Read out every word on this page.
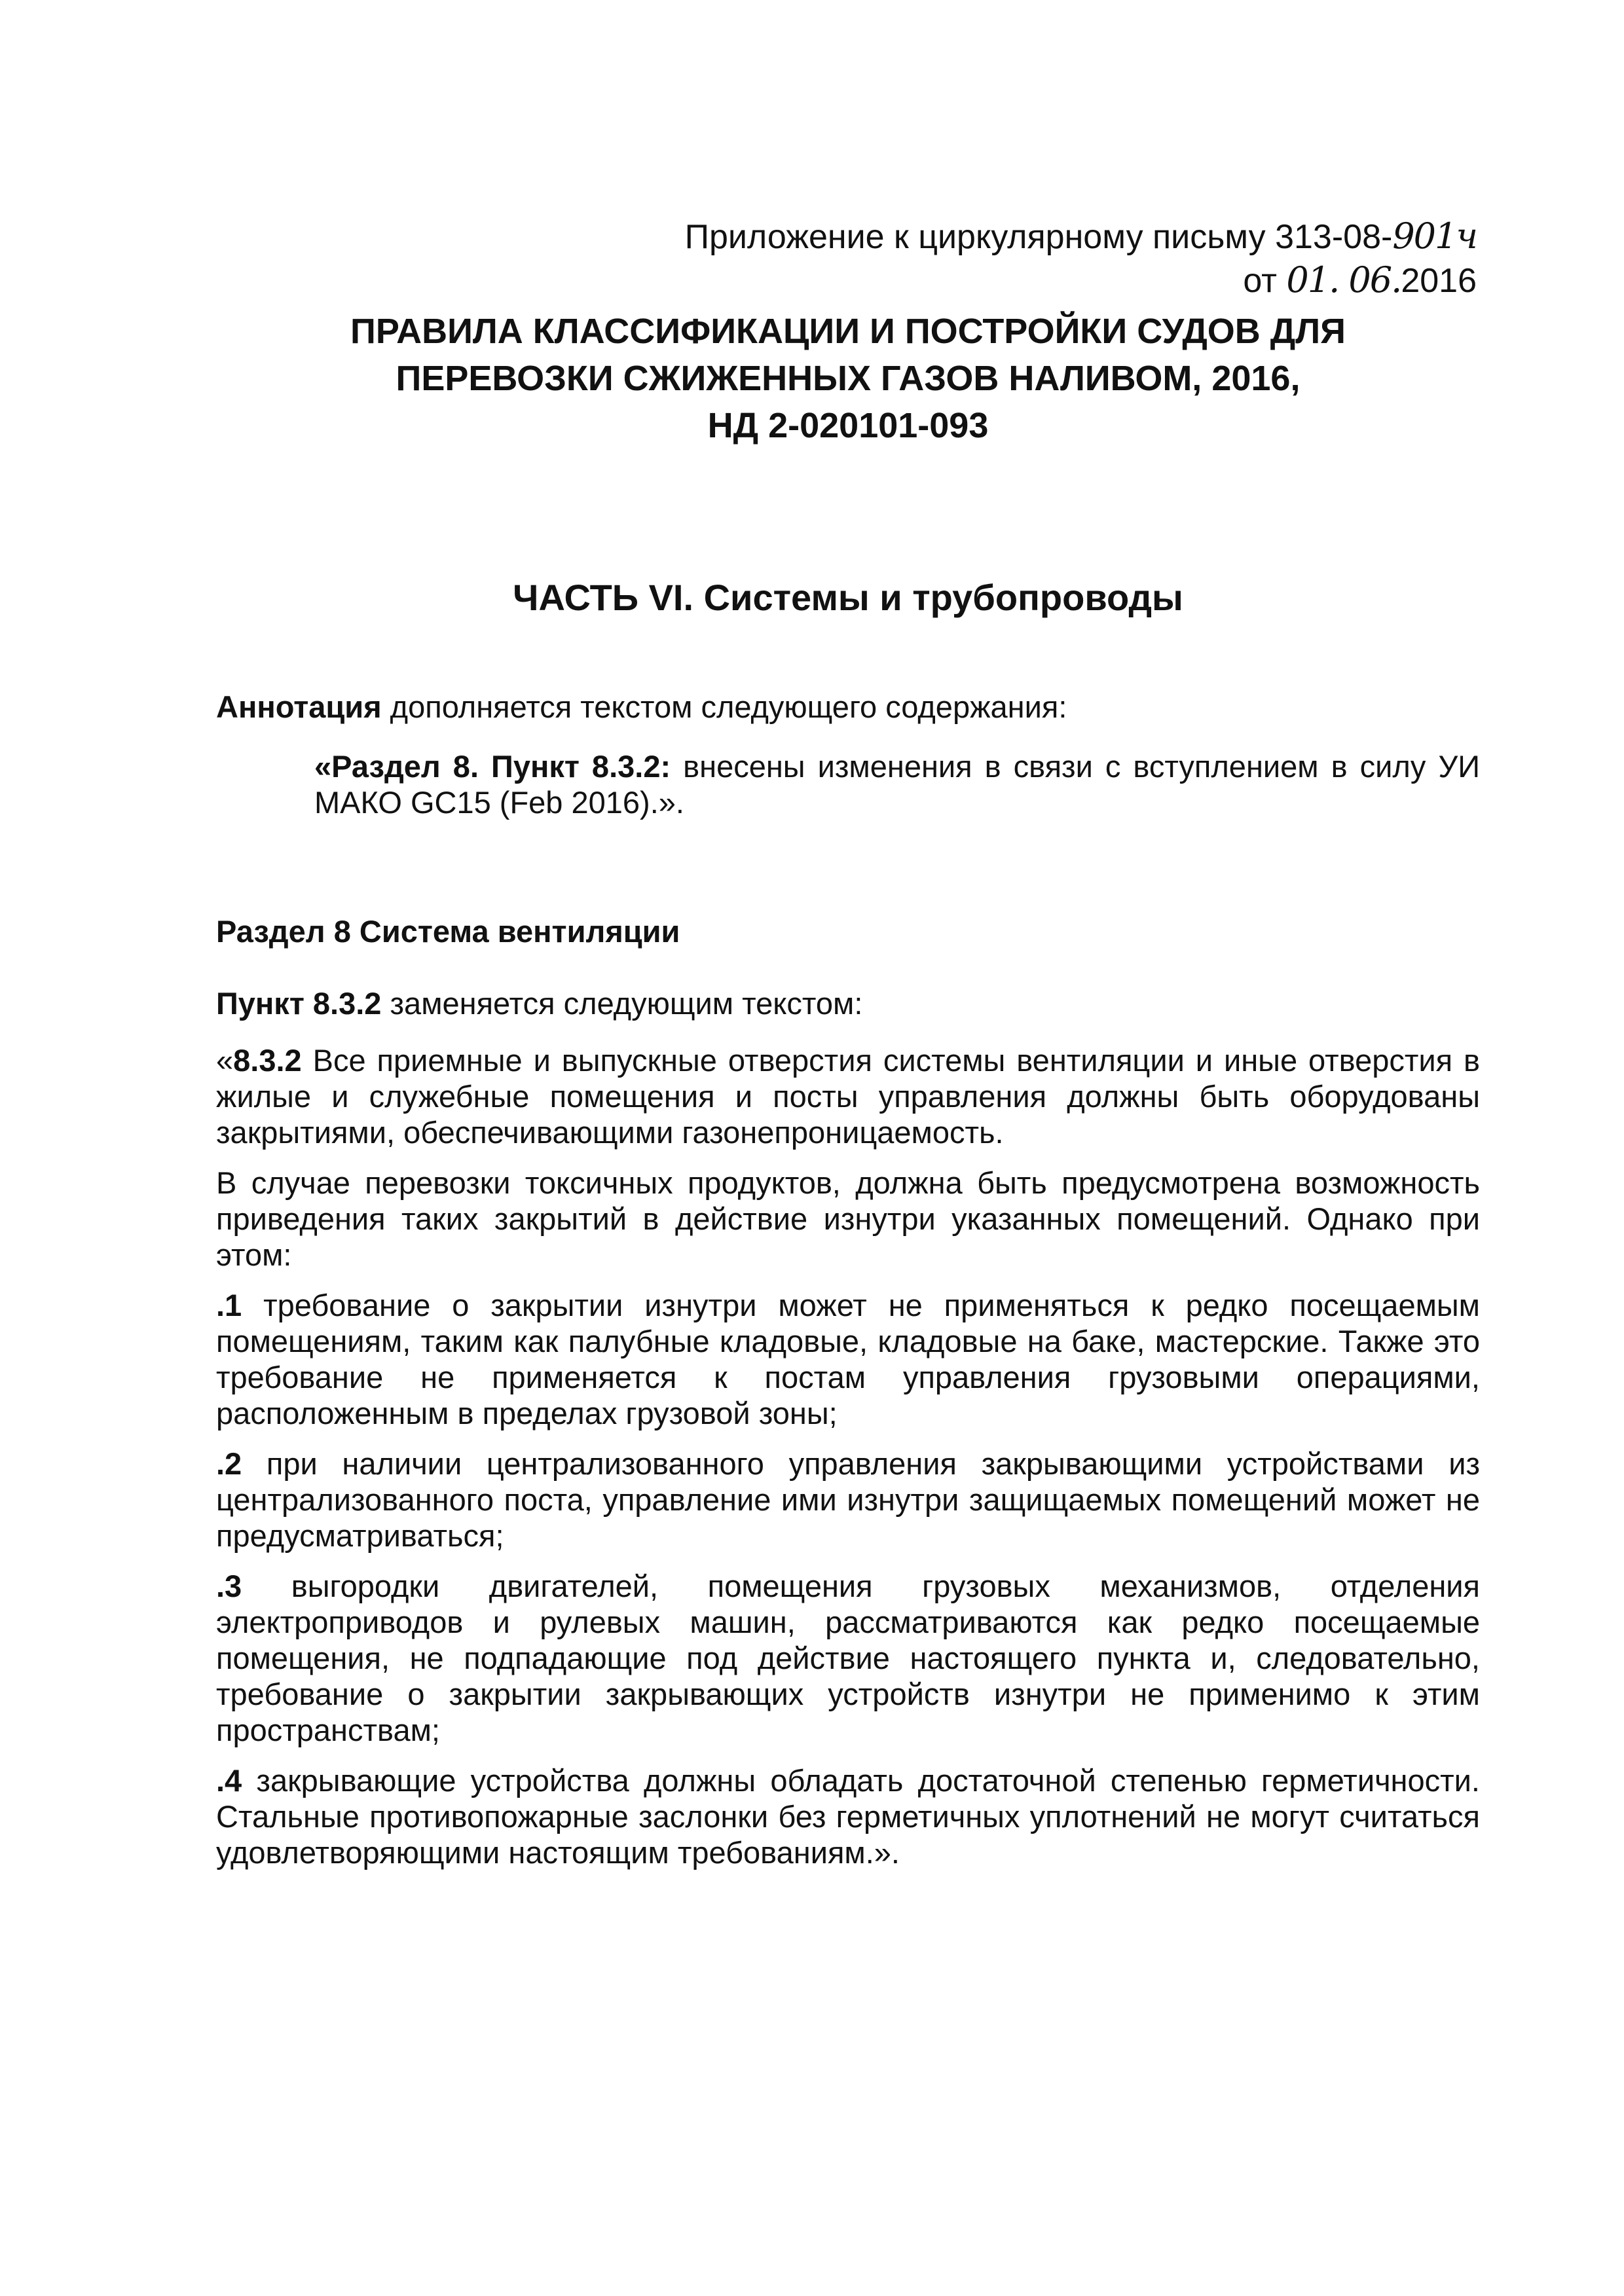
Приложение к циркулярному письму 313-08-901ч
от 01. 06.2016
ПРАВИЛА КЛАССИФИКАЦИИ И ПОСТРОЙКИ СУДОВ ДЛЯ
ПЕРЕВОЗКИ СЖИЖЕННЫХ ГАЗОВ НАЛИВОМ, 2016,
НД 2-020101-093
ЧАСТЬ VI. Системы и трубопроводы

Аннотация дополняется текстом следующего содержания:

«Раздел 8. Пункт 8.3.2: внесены изменения в связи с вступлением в силу УИ МАКО GC15 (Feb 2016).».

Раздел 8 Система вентиляции

Пункт 8.3.2 заменяется следующим текстом:

«8.3.2 Все приемные и выпускные отверстия системы вентиляции и иные отверстия в жилые и служебные помещения и посты управления должны быть оборудованы закрытиями, обеспечивающими газонепроницаемость.

В случае перевозки токсичных продуктов, должна быть предусмотрена возможность приведения таких закрытий в действие изнутри указанных помещений. Однако при этом:

.1 требование о закрытии изнутри может не применяться к редко посещаемым помещениям, таким как палубные кладовые, кладовые на баке, мастерские. Также это требование не применяется к постам управления грузовыми операциями, расположенным в пределах грузовой зоны;

.2 при наличии централизованного управления закрывающими устройствами из централизованного поста, управление ими изнутри защищаемых помещений может не предусматриваться;

.3 выгородки двигателей, помещения грузовых механизмов, отделения электроприводов и рулевых машин, рассматриваются как редко посещаемые помещения, не подпадающие под действие настоящего пункта и, следовательно, требование о закрытии закрывающих устройств изнутри не применимо к этим пространствам;

.4 закрывающие устройства должны обладать достаточной степенью герметичности. Стальные противопожарные заслонки без герметичных уплотнений не могут считаться удовлетворяющими настоящим требованиям.».
